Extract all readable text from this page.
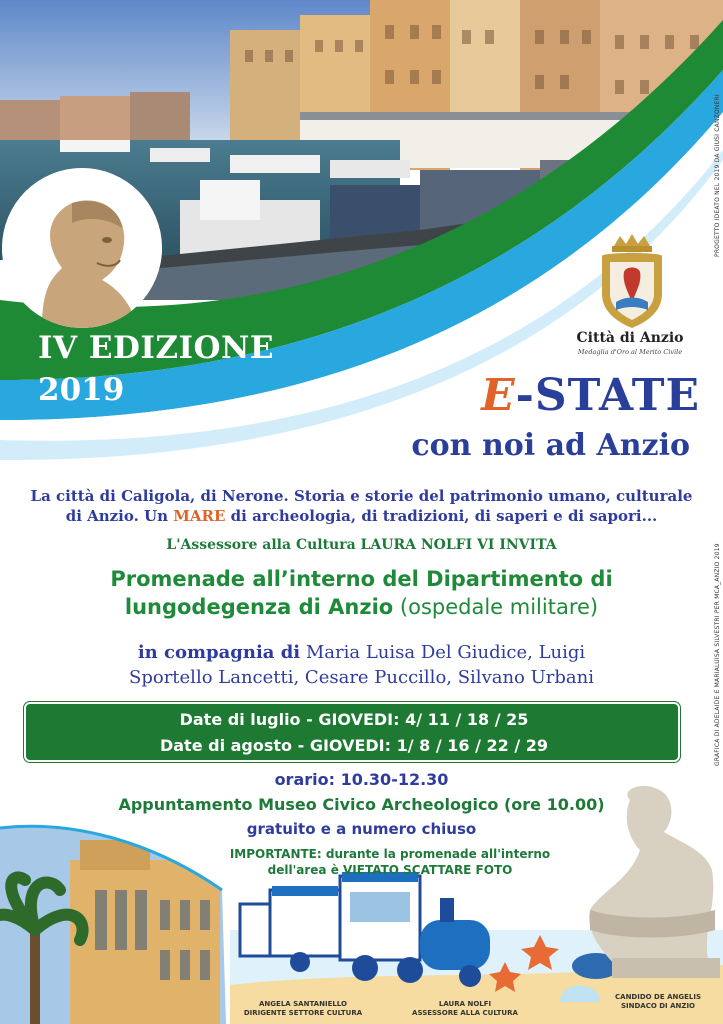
PROGETTO IDEATO NEL 2019 DA GIUSI CANZONERI
GRAFICA DI ADELAIDE E MARIALUISA SILVESTRI PER MCA_ANZIO 2019
Città di Anzio
Medaglia d'Oro al Merito Civile
IV EDIZIONE
2019	E-STATE
con noi ad Anzio
La città di Caligola, di Nerone. Storia e storie del patrimonio umano, culturale
di Anzio. Un MARE di archeologia, di tradizioni, di saperi e di sapori...
L'Assessore alla Cultura LAURA NOLFI VI INVITA
Promenade all’interno del Dipartimento di
lungodegenza di Anzio (ospedale militare)
in compagnia di Maria Luisa Del Giudice, Luigi
Sportello Lancetti, Cesare Puccillo, Silvano Urbani
Date di luglio - GIOVEDI: 4/ 11 / 18 / 25
Date di agosto - GIOVEDI: 1/ 8 / 16 / 22 / 29
orario: 10.30-12.30
Appuntamento Museo Civico Archeologico (ore 10.00)
gratuito e a numero chiuso
IMPORTANTE: durante la promenade all'interno
dell'area è VIETATO SCATTARE FOTO
ANGELA SANTANIELLO
DIRIGENTE SETTORE CULTURA
LAURA NOLFI
ASSESSORE ALLA CULTURA
CANDIDO DE ANGELIS
SINDACO DI ANZIO
